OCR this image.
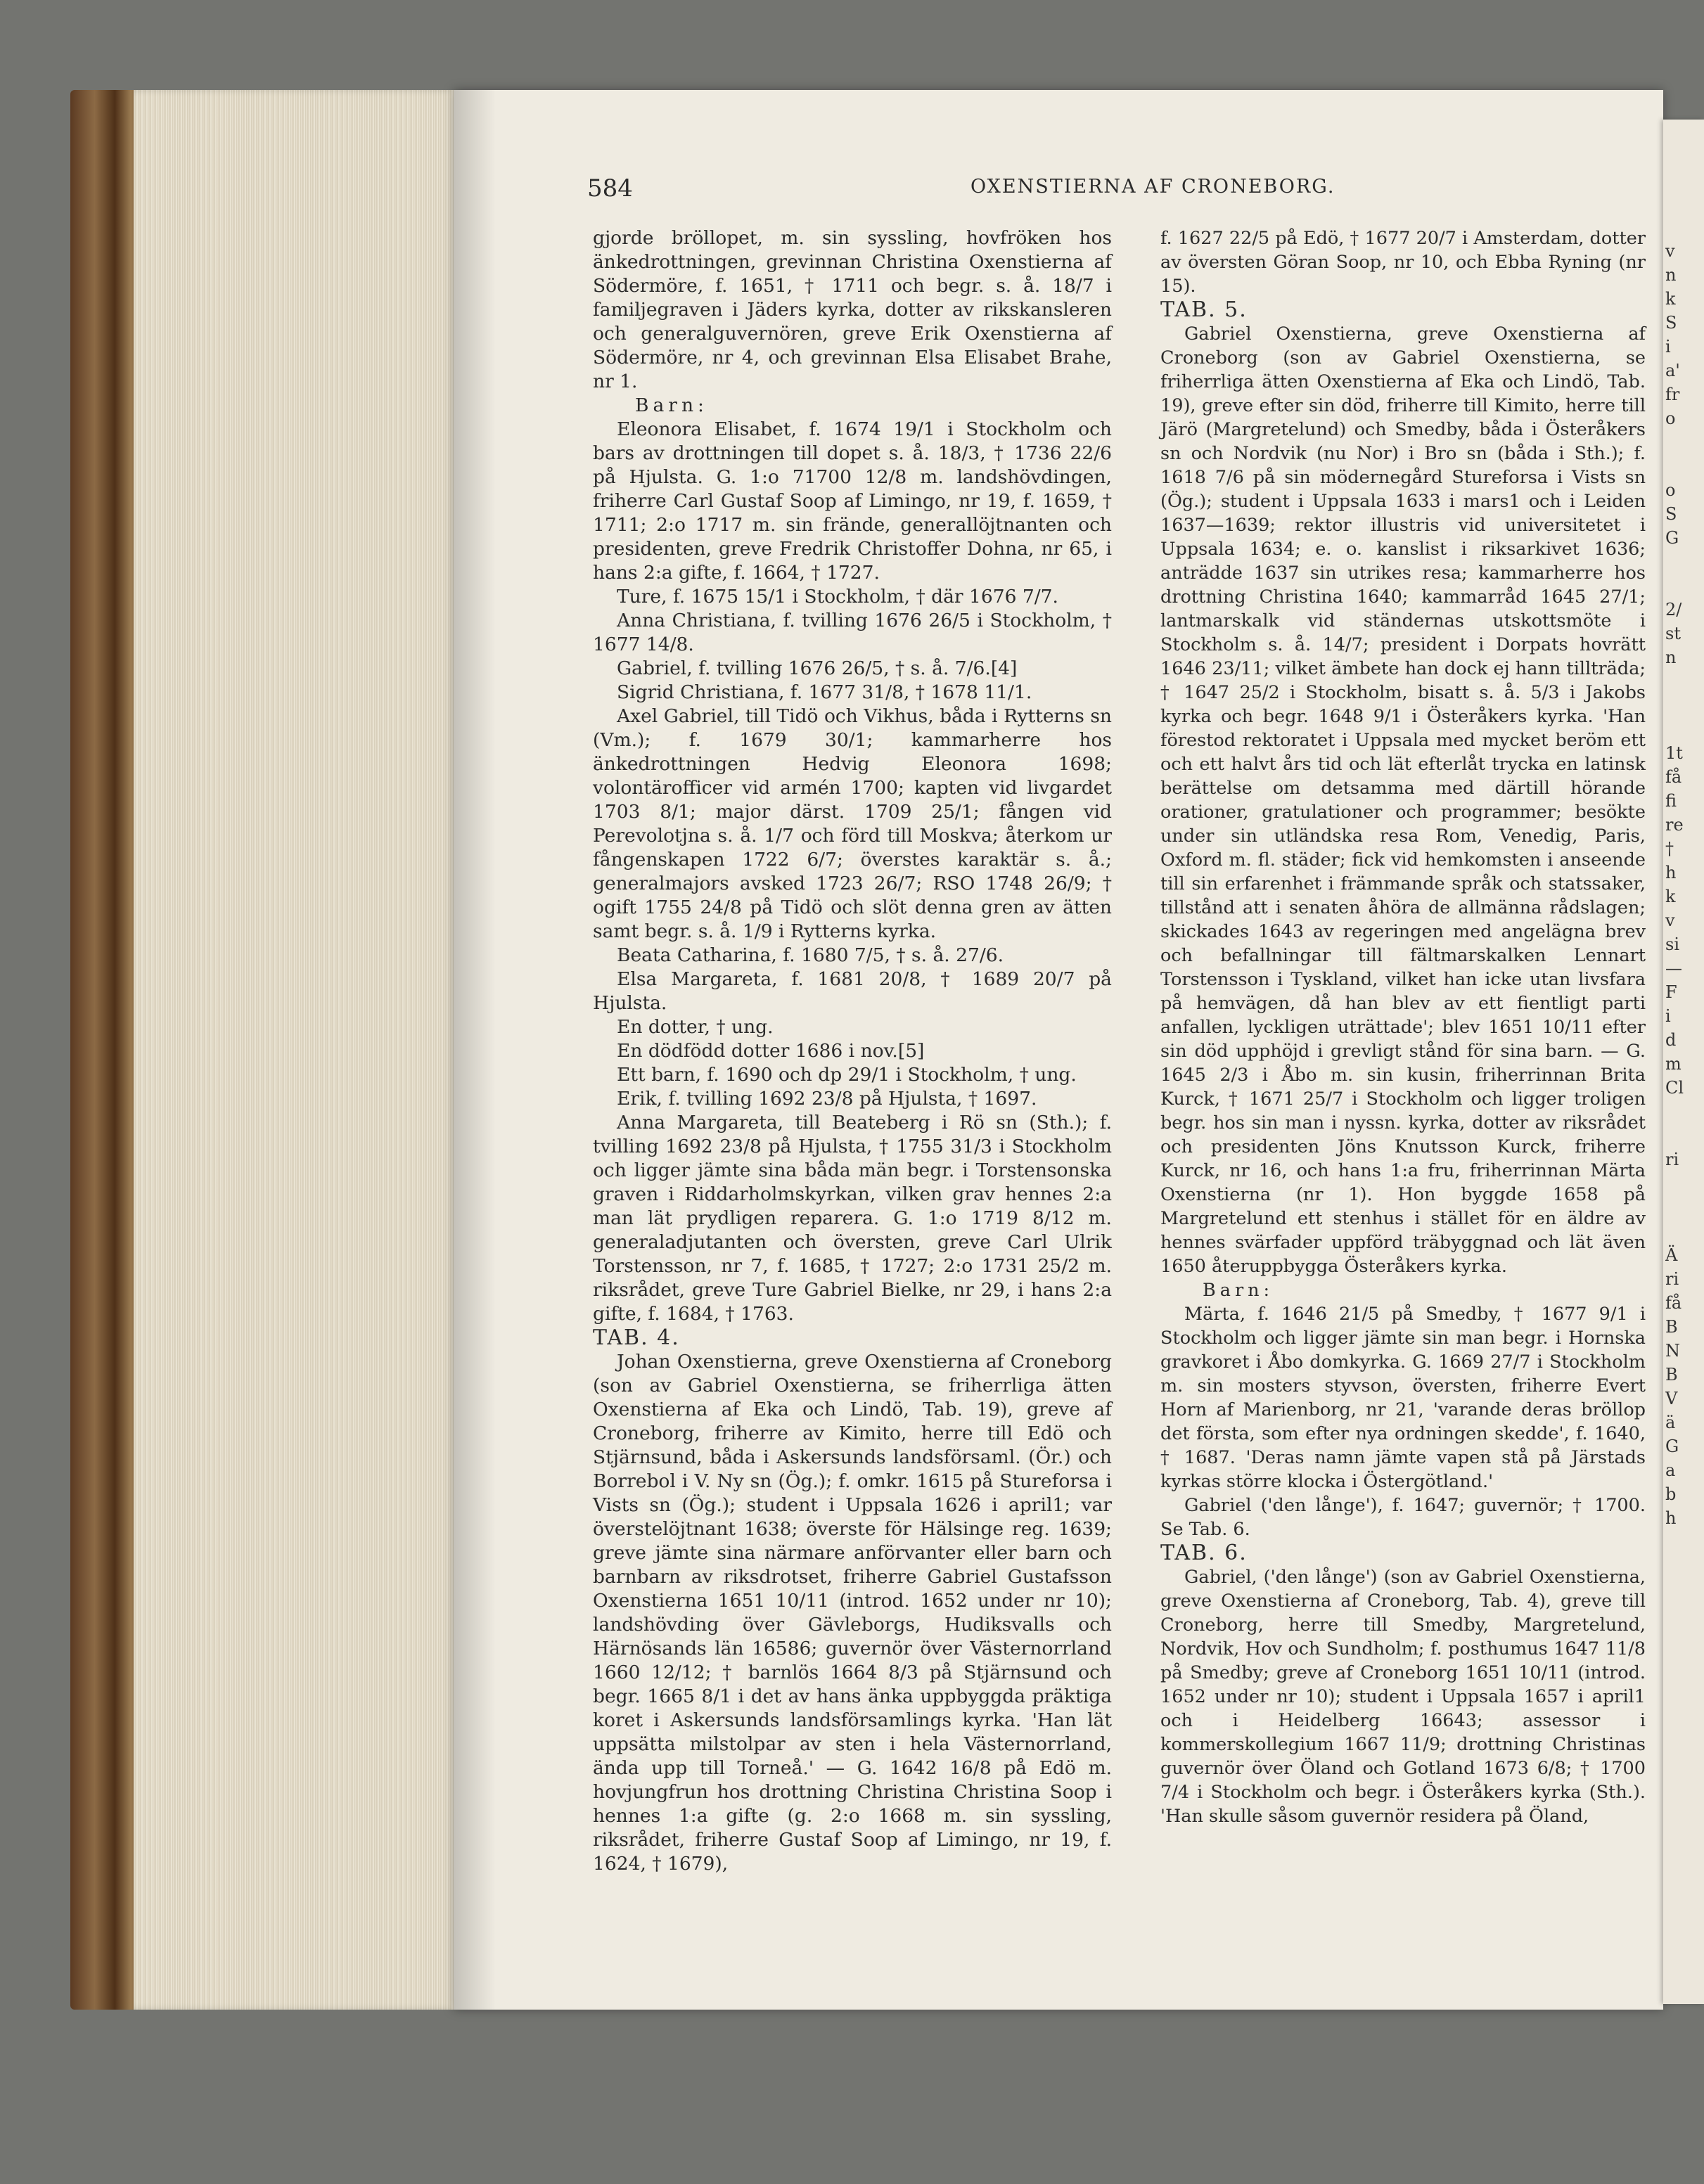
584	OXENSTIERNA AF CRONEBORG.

gjorde bröllopet, m. sin syssling, hovfröken hos änkedrottningen, grevinnan Christina Oxenstierna af Södermöre, f. 1651, † 1711 och begr. s. å. 18/7 i familjegraven i Jäders kyrka, dotter av rikskansleren och generalguvernören, greve Erik Oxenstierna af Södermöre, nr 4, och grevinnan Elsa Elisabet Brahe, nr 1.

Barn:

Eleonora Elisabet, f. 1674 19/1 i Stockholm och bars av drottningen till dopet s. å. 18/3, † 1736 22/6 på Hjulsta. G. 1:o 71700 12/8 m. landshövdingen, friherre Carl Gustaf Soop af Limingo, nr 19, f. 1659, † 1711; 2:o 1717 m. sin frände, generallöjtnanten och presidenten, greve Fredrik Christoffer Dohna, nr 65, i hans 2:a gifte, f. 1664, † 1727.

Ture, f. 1675 15/1 i Stockholm, † där 1676 7/7.

Anna Christiana, f. tvilling 1676 26/5 i Stockholm, † 1677 14/8.

Gabriel, f. tvilling 1676 26/5, † s. å. 7/6.[4]

Sigrid Christiana, f. 1677 31/8, † 1678 11/1.

Axel Gabriel, till Tidö och Vikhus, båda i Rytterns sn (Vm.); f. 1679 30/1; kammarherre hos änkedrottningen Hedvig Eleonora 1698; volontärofficer vid armén 1700; kapten vid livgardet 1703 8/1; major därst. 1709 25/1; fången vid Perevolotjna s. å. 1/7 och förd till Moskva; återkom ur fångenskapen 1722 6/7; överstes karaktär s. å.; generalmajors avsked 1723 26/7; RSO 1748 26/9; † ogift 1755 24/8 på Tidö och slöt denna gren av ätten samt begr. s. å. 1/9 i Rytterns kyrka.

Beata Catharina, f. 1680 7/5, † s. å. 27/6.

Elsa Margareta, f. 1681 20/8, † 1689 20/7 på Hjulsta.

En dotter, † ung.

En dödfödd dotter 1686 i nov.[5]

Ett barn, f. 1690 och dp 29/1 i Stockholm, † ung.

Erik, f. tvilling 1692 23/8 på Hjulsta, † 1697.

Anna Margareta, till Beateberg i Rö sn (Sth.); f. tvilling 1692 23/8 på Hjulsta, † 1755 31/3 i Stockholm och ligger jämte sina båda män begr. i Torstensonska graven i Riddarholmskyrkan, vilken grav hennes 2:a man lät prydligen reparera. G. 1:o 1719 8/12 m. generaladjutanten och översten, greve Carl Ulrik Torstensson, nr 7, f. 1685, † 1727; 2:o 1731 25/2 m. riksrådet, greve Ture Gabriel Bielke, nr 29, i hans 2:a gifte, f. 1684, † 1763.

TAB. 4.

Johan Oxenstierna, greve Oxenstierna af Croneborg (son av Gabriel Oxenstierna, se friherrliga ätten Oxenstierna af Eka och Lindö, Tab. 19), greve af Croneborg, friherre av Kimito, herre till Edö och Stjärnsund, båda i Askersunds landsförsaml. (Ör.) och Borrebol i V. Ny sn (Ög.); f. omkr. 1615 på Stureforsa i Vists sn (Ög.); student i Uppsala 1626 i april1; var överstelöjtnant 1638; överste för Hälsinge reg. 1639; greve jämte sina närmare anförvanter eller barn och barnbarn av riksdrotset, friherre Gabriel Gustafsson Oxenstierna 1651 10/11 (introd. 1652 under nr 10); landshövding över Gävleborgs, Hudiksvalls och Härnösands län 16586; guvernör över Västernorrland 1660 12/12; † barnlös 1664 8/3 på Stjärnsund och begr. 1665 8/1 i det av hans änka uppbyggda präktiga koret i Askersunds landsförsamlings kyrka. 'Han lät uppsätta milstolpar av sten i hela Västernorrland, ända upp till Torneå.' — G. 1642 16/8 på Edö m. hovjungfrun hos drottning Christina Christina Soop i hennes 1:a gifte (g. 2:o 1668 m. sin syssling, riksrådet, friherre Gustaf Soop af Limingo, nr 19, f. 1624, † 1679),

f. 1627 22/5 på Edö, † 1677 20/7 i Amsterdam, dotter av översten Göran Soop, nr 10, och Ebba Ryning (nr 15).

TAB. 5.

Gabriel Oxenstierna, greve Oxenstierna af Croneborg (son av Gabriel Oxenstierna, se friherrliga ätten Oxenstierna af Eka och Lindö, Tab. 19), greve efter sin död, friherre till Kimito, herre till Järö (Margretelund) och Smedby, båda i Österåkers sn och Nordvik (nu Nor) i Bro sn (båda i Sth.); f. 1618 7/6 på sin mödernegård Stureforsa i Vists sn (Ög.); student i Uppsala 1633 i mars1 och i Leiden 1637—1639; rektor illustris vid universitetet i Uppsala 1634; e. o. kanslist i riksarkivet 1636; anträdde 1637 sin utrikes resa; kammarherre hos drottning Christina 1640; kammarråd 1645 27/1; lantmarskalk vid ständernas utskottsmöte i Stockholm s. å. 14/7; president i Dorpats hovrätt 1646 23/11; vilket ämbete han dock ej hann tillträda; † 1647 25/2 i Stockholm, bisatt s. å. 5/3 i Jakobs kyrka och begr. 1648 9/1 i Österåkers kyrka. 'Han förestod rektoratet i Uppsala med mycket beröm ett och ett halvt års tid och lät efterlåt trycka en latinsk berättelse om detsamma med därtill hörande orationer, gratulationer och programmer; besökte under sin utländska resa Rom, Venedig, Paris, Oxford m. fl. städer; fick vid hemkomsten i anseende till sin erfarenhet i främmande språk och statssaker, tillstånd att i senaten åhöra de allmänna rådslagen; skickades 1643 av regeringen med angelägna brev och befallningar till fältmarskalken Lennart Torstensson i Tyskland, vilket han icke utan livsfara på hemvägen, då han blev av ett fientligt parti anfallen, lyckligen uträttade'; blev 1651 10/11 efter sin död upphöjd i grevligt stånd för sina barn. — G. 1645 2/3 i Åbo m. sin kusin, friherrinnan Brita Kurck, † 1671 25/7 i Stockholm och ligger troligen begr. hos sin man i nyssn. kyrka, dotter av riksrådet och presidenten Jöns Knutsson Kurck, friherre Kurck, nr 16, och hans 1:a fru, friherrinnan Märta Oxenstierna (nr 1). Hon byggde 1658 på Margretelund ett stenhus i stället för en äldre av hennes svärfader uppförd träbyggnad och lät även 1650 återuppbygga Österåkers kyrka.

Barn:

Märta, f. 1646 21/5 på Smedby, † 1677 9/1 i Stockholm och ligger jämte sin man begr. i Hornska gravkoret i Åbo domkyrka. G. 1669 27/7 i Stockholm m. sin mosters styvson, översten, friherre Evert Horn af Marienborg, nr 21, 'varande deras bröllop det första, som efter nya ordningen skedde', f. 1640, † 1687. 'Deras namn jämte vapen stå på Järstads kyrkas större klocka i Östergötland.'

Gabriel ('den långe'), f. 1647; guvernör; † 1700. Se Tab. 6.

TAB. 6.

Gabriel, ('den långe') (son av Gabriel Oxenstierna, greve Oxenstierna af Croneborg, Tab. 4), greve till Croneborg, herre till Smedby, Margretelund, Nordvik, Hov och Sundholm; f. posthumus 1647 11/8 på Smedby; greve af Croneborg 1651 10/11 (introd. 1652 under nr 10); student i Uppsala 1657 i april1 och i Heidelberg 16643; assessor i kommerskollegium 1667 11/9; drottning Christinas guvernör över Öland och Gotland 1673 6/8; † 1700 7/4 i Stockholm och begr. i Österåkers kyrka (Sth.). 'Han skulle såsom guvernör residera på Öland,

v
n
k
S
i
a'
fr
o
o
S
G
2/
st
n
1t
få
fi
re
†
h
k
v
si
—
F
i
d
m
Cl
ri
Ä
ri
få
B
N
B
V
ä
G
a
b
h
